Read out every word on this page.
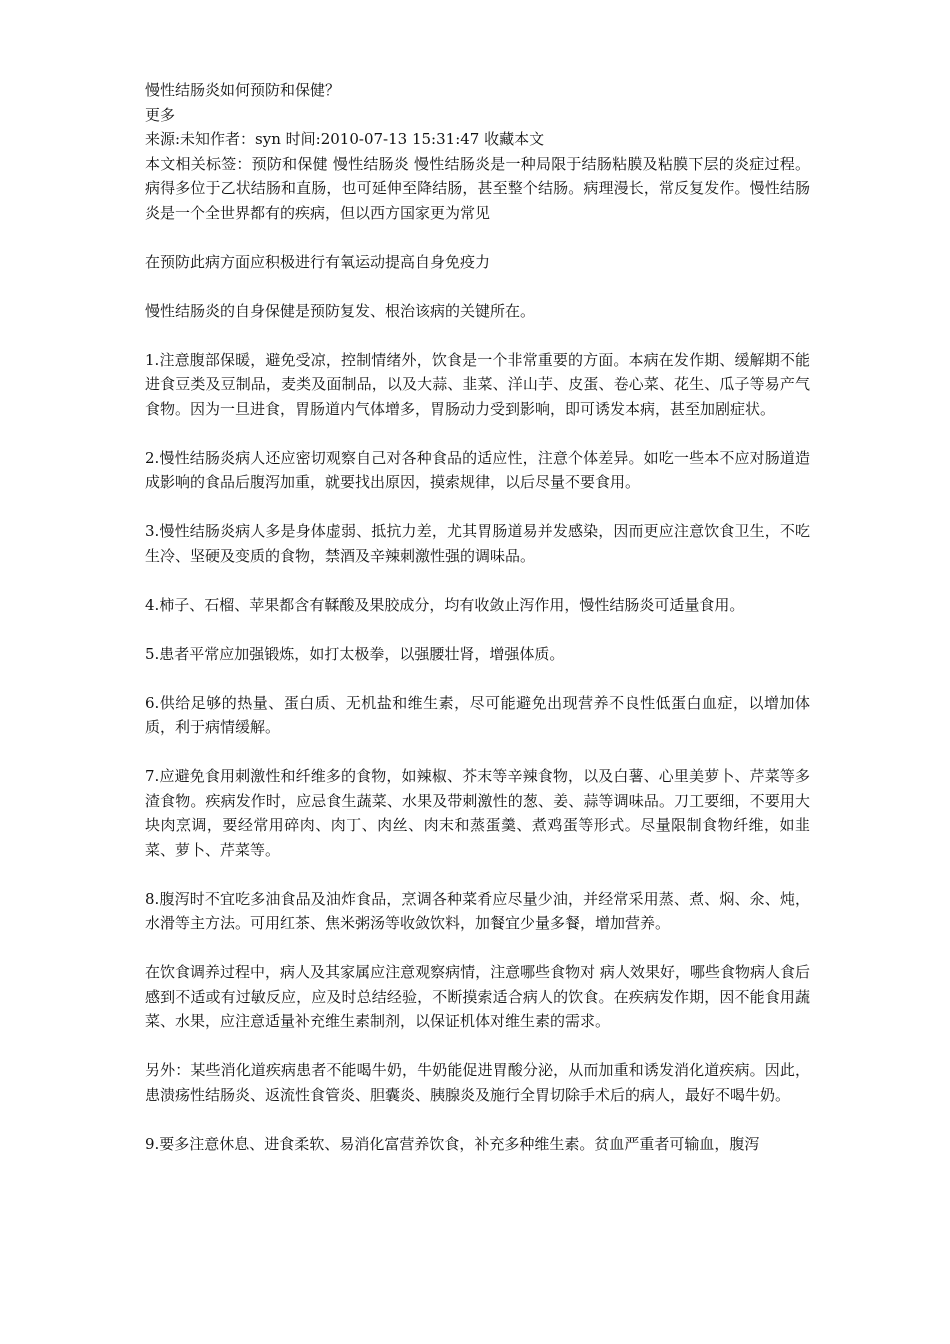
慢性结肠炎如何预防和保健？

更多

来源:未知作者：syn 时间:2010-07-13 15:31:47 收藏本文

本文相关标签：预防和保健 慢性结肠炎 慢性结肠炎是一种局限于结肠粘膜及粘膜下层的炎症过程。病得多位于乙状结肠和直肠，也可延伸至降结肠，甚至整个结肠。病理漫长，常反复发作。慢性结肠炎是一个全世界都有的疾病，但以西方国家更为常见

在预防此病方面应积极进行有氧运动提高自身免疫力

慢性结肠炎的自身保健是预防复发、根治该病的关键所在。

1.注意腹部保暖，避免受凉，控制情绪外，饮食是一个非常重要的方面。本病在发作期、缓解期不能进食豆类及豆制品，麦类及面制品，以及大蒜、韭菜、洋山芋、皮蛋、卷心菜、花生、瓜子等易产气食物。因为一旦进食，胃肠道内气体增多，胃肠动力受到影响，即可诱发本病，甚至加剧症状。

2.慢性结肠炎病人还应密切观察自己对各种食品的适应性，注意个体差异。如吃一些本不应对肠道造成影响的食品后腹泻加重，就要找出原因，摸索规律，以后尽量不要食用。

3.慢性结肠炎病人多是身体虚弱、抵抗力差，尤其胃肠道易并发感染，因而更应注意饮食卫生，不吃生冷、坚硬及变质的食物，禁酒及辛辣刺激性强的调味品。

4.柿子、石榴、苹果都含有鞣酸及果胶成分，均有收敛止泻作用，慢性结肠炎可适量食用。

5.患者平常应加强锻炼，如打太极拳，以强腰壮肾，增强体质。

6.供给足够的热量、蛋白质、无机盐和维生素，尽可能避免出现营养不良性低蛋白血症，以增加体质，利于病情缓解。

7.应避免食用刺激性和纤维多的食物，如辣椒、芥末等辛辣食物，以及白薯、心里美萝卜、芹菜等多渣食物。疾病发作时，应忌食生蔬菜、水果及带刺激性的葱、姜、蒜等调味品。刀工要细，不要用大块肉烹调，要经常用碎肉、肉丁、肉丝、肉末和蒸蛋羹、煮鸡蛋等形式。尽量限制食物纤维，如韭菜、萝卜、芹菜等。

8.腹泻时不宜吃多油食品及油炸食品，烹调各种菜肴应尽量少油，并经常采用蒸、煮、焖、氽、炖，水滑等主方法。可用红茶、焦米粥汤等收敛饮料，加餐宜少量多餐，增加营养。

在饮食调养过程中，病人及其家属应注意观察病情，注意哪些食物对 病人效果好，哪些食物病人食后感到不适或有过敏反应，应及时总结经验，不断摸索适合病人的饮食。在疾病发作期，因不能食用蔬菜、水果，应注意适量补充维生素制剂，以保证机体对维生素的需求。

另外：某些消化道疾病患者不能喝牛奶，牛奶能促进胃酸分泌，从而加重和诱发消化道疾病。因此，患溃疡性结肠炎、返流性食管炎、胆囊炎、胰腺炎及施行全胃切除手术后的病人，最好不喝牛奶。

9.要多注意休息、进食柔软、易消化富营养饮食，补充多种维生素。贫血严重者可输血，腹泻
